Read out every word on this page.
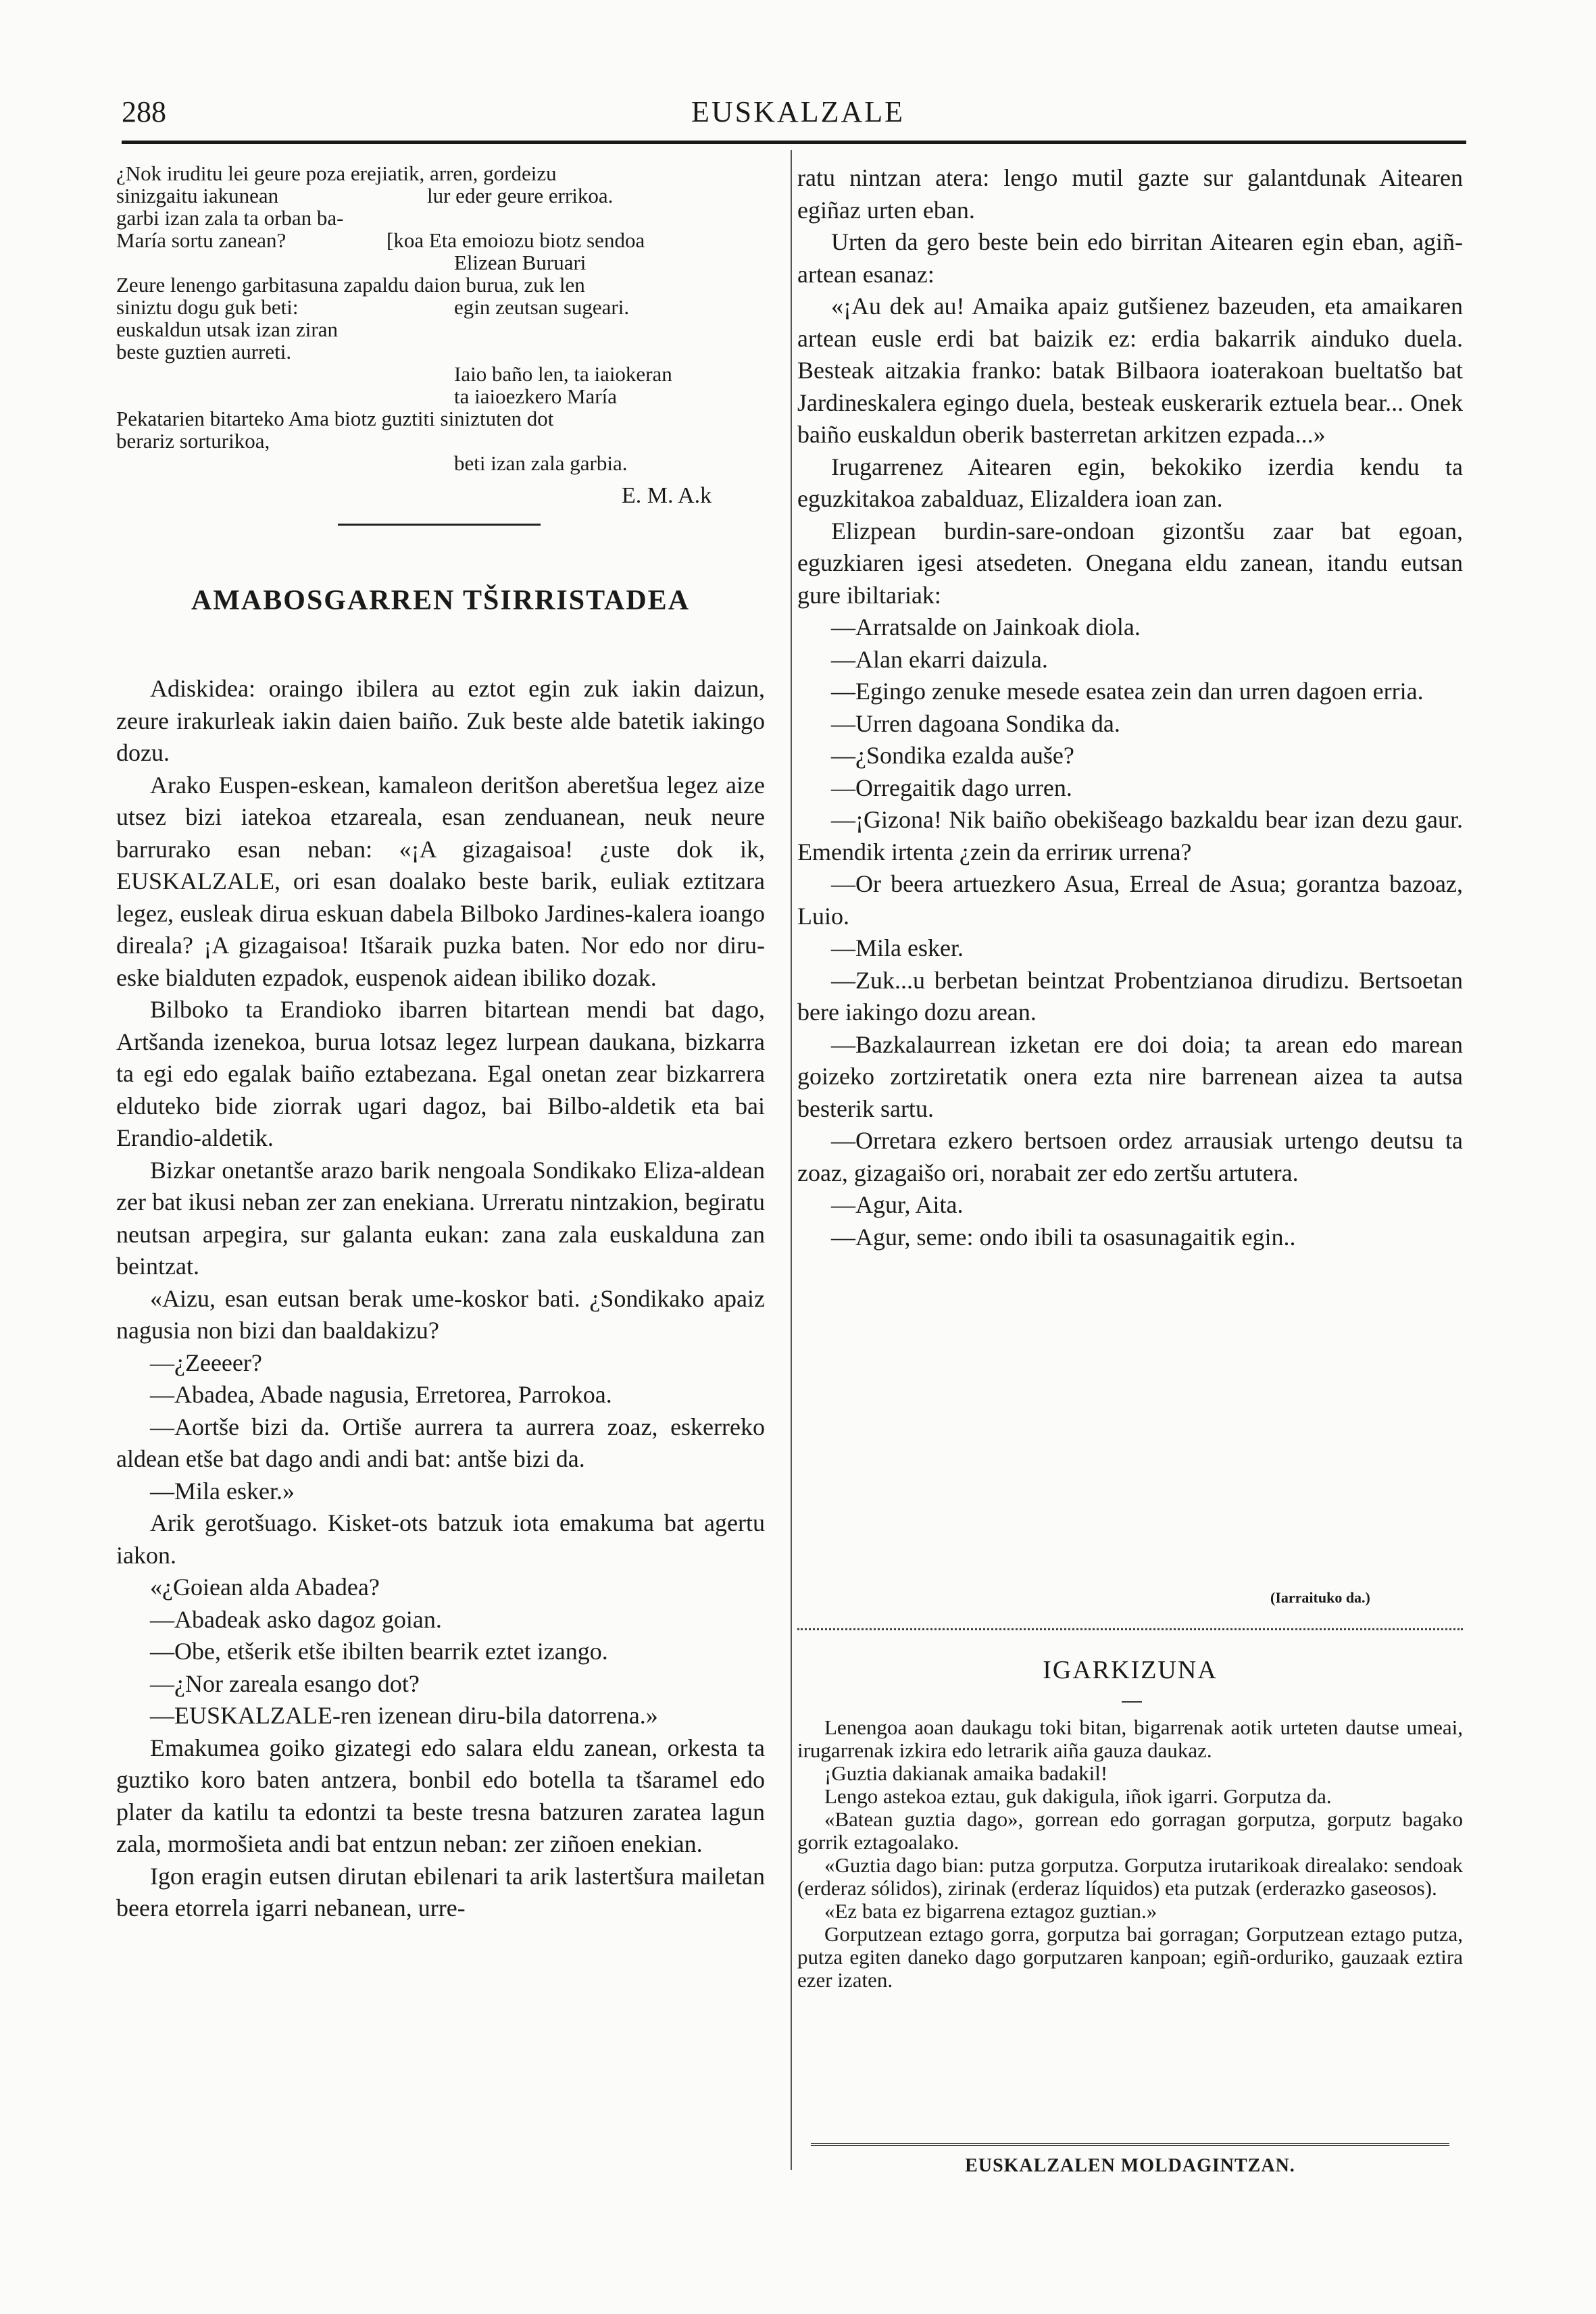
288	EUSKALZALE
¿Nok iruditu lei geure poza erejiatik, arren, gordeizu
sinizgaitu iakunean
garbi izan zala ta orban ba-
María sortu zanean?
Zeure lenengo garbitasuna zapaldu daion burua, zuk len
siniztu dogu guk beti:
euskaldun utsak izan ziran
beste guztien aurreti.
Pekatarien bitarteko Ama biotz guztiti siniztuten dot
berariz sorturikoa,
lur eder geure errikoa.
[koa Eta emoiozu biotz sendoa
Elizean Buruari
egin zeutsan sugeari.
Iaio baño len, ta iaiokeran
ta iaioezkero María
beti izan zala garbia.
E. M. A.k
AMABOSGARREN TŠIRRISTADEA

Adiskidea: oraingo ibilera au eztot egin zuk iakin daizun, zeure irakurleak iakin daien baiño. Zuk beste alde batetik iakingo dozu.

Arako Euspen-eskean, kamaleon deritšon aberetšua legez aize utsez bizi iatekoa etzareala, esan zenduanean, neuk neure barrurako esan neban: «¡A gizagaisoa! ¿uste dok ik, EUSKALZALE, ori esan doalako beste barik, euliak eztitzara legez, eusleak dirua eskuan dabela Bilboko Jardines-kalera ioango direala? ¡A gizagaisoa! Itšaraik puzka baten. Nor edo nor diru-eske bialduten ezpadok, euspenok aidean ibiliko dozak.

Bilboko ta Erandioko ibarren bitartean mendi bat dago, Artšanda izenekoa, burua lotsaz legez lurpean daukana, bizkarra ta egi edo egalak baiño eztabezana. Egal onetan zear bizkarrera elduteko bide ziorrak ugari dagoz, bai Bilbo-aldetik eta bai Erandio-aldetik.

Bizkar onetantše arazo barik nengoala Sondikako Eliza-aldean zer bat ikusi neban zer zan enekiana. Urreratu nintzakion, begiratu neutsan arpegira, sur galanta eukan: zana zala euskalduna zan beintzat.

«Aizu, esan eutsan berak ume-koskor bati. ¿Sondikako apaiz nagusia non bizi dan baaldakizu?

—¿Zeeeer?

—Abadea, Abade nagusia, Erretorea, Parrokoa.

—Aortše bizi da. Ortiše aurrera ta aurrera zoaz, eskerreko aldean etše bat dago andi andi bat: antše bizi da.

—Mila esker.»

Arik gerotšuago. Kisket-ots batzuk iota emakuma bat agertu iakon.

«¿Goiean alda Abadea?

—Abadeak asko dagoz goian.

—Obe, etšerik etše ibilten bearrik eztet izango.

—¿Nor zareala esango dot?

—EUSKALZALE-ren izenean diru-bila datorrena.»

Emakumea goiko gizategi edo salara eldu zanean, orkesta ta guztiko koro baten antzera, bonbil edo botella ta tšaramel edo plater da katilu ta edontzi ta beste tresna batzuren zaratea lagun zala, mormošieta andi bat entzun neban: zer ziñoen enekian.

Igon eragin eutsen dirutan ebilenari ta arik lastertšura mailetan beera etorrela igarri nebanean, urre-

ratu nintzan atera: lengo mutil gazte sur galantdunak Aitearen egiñaz urten eban.

Urten da gero beste bein edo birritan Aitearen egin eban, agiñ-artean esanaz:

«¡Au dek au! Amaika apaiz gutšienez bazeuden, eta amaikaren artean eusle erdi bat baizik ez: erdia bakarrik aindukο duela. Besteak aitzakia franko: batak Bilbaora ioaterakoan bueltatšo bat Jardineskalera egingo duela, besteak euskerarik eztuela bear... Onek baiño euskaldun oberik basterretan arkitzen ezpada...»

Irugarrenez Aitearen egin, bekokiko izerdia kendu ta eguzkitakoa zabalduaz, Elizaldera ioan zan.

Elizpean burdin-sare-ondoan gizontšu zaar bat egoan, eguzkiaren igesi atsedeten. Onegana eldu zanean, itandu eutsan gure ibiltariak:

—Arratsalde on Jainkoak diola.

—Alan ekarri daizula.

—Egingo zenuke mesede esatea zein dan urren dagoen erria.

—Urren dagoana Sondika da.

—¿Sondika ezalda auše?

—Orregaitik dago urren.

—¡Gizona! Nik baiño obekišeago bazkaldu bear izan dezu gaur. Emendik irtenta ¿zein da errirик urrena?

—Or beera artuezkero Asua, Erreal de Asua; gorantza bazoaz, Luio.

—Mila esker.

—Zuk...u berbetan beintzat Probentzianoa dirudizu. Bertsoetan bere iakingo dozu arean.

—Bazkalaurrean izketan ere doi doia; ta arean edo marean goizeko zortziretatik onera ezta nire barrenean aizea ta autsa besterik sartu.

—Orretara ezkero bertsoen ordez arrausiak urtengo deutsu ta zoaz, gizagaišo ori, norabait zer edo zertšu artutera.

—Agur, Aita.

—Agur, seme: ondo ibili ta osasunagaitik egin..

(Iarraituko da.)
IGARKIZUNA

Lenengoa aoan daukagu toki bitan, bigarrenak aotik urteten dautse umeai, irugarrenak izkira edo letrarik aiña gauza daukaz.

¡Guztia dakianak amaika badakil!

Lengo astekoa eztau, guk dakigula, iñok igarri. Gorputza da.

«Batean guztia dago», gorrean edo gorragan gorputza, gorputz bagako gorrik eztagoalako.

«Guztia dago bian: putza gorputza. Gorputza irutarikoak direalako: sendoak (erderaz sólidos), zirinak (erderaz líquidos) eta putzak (erderazko gaseosos).

«Ez bata ez bigarrena eztagoz guztian.»

Gorputzean eztago gorra, gorputza bai gorragan; Gorputzean eztago putza, putza egiten daneko dago gorputzaren kanpoan; egiñ-orduriko, gauzaak eztira ezer izaten.

EUSKALZALEN MOLDAGINTZAN.
